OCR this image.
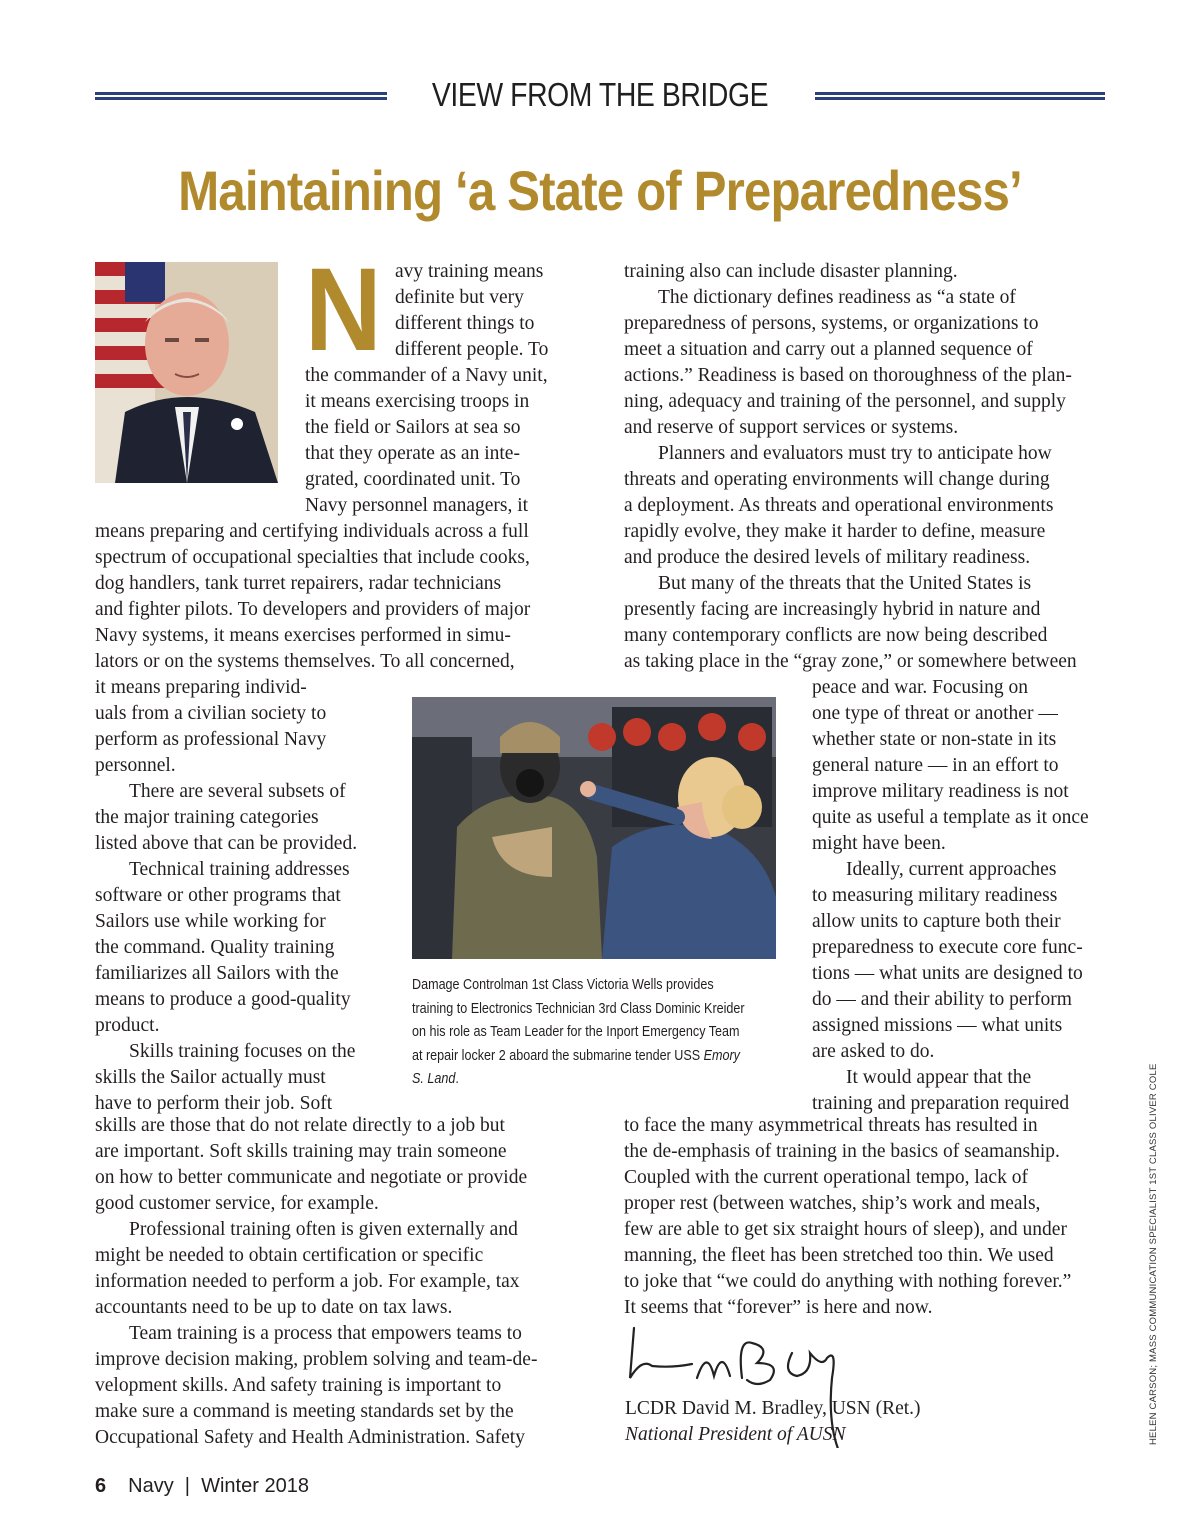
VIEW FROM THE BRIDGE
Maintaining ‘a State of Preparedness’
N avy training means

definite but very

different things to

different people. To

the commander of a Navy unit,

it means exercising troops in

the field or Sailors at sea so

that they operate as an inte-

grated, coordinated unit. To

Navy personnel managers, it

means preparing and certifying individuals across a full

spectrum of occupational specialties that include cooks,

dog handlers, tank turret repairers, radar technicians

and fighter pilots. To developers and providers of major

Navy systems, it means exercises performed in simu-

lators or on the systems themselves. To all concerned,

it means preparing individ-

uals from a civilian society to

perform as professional Navy

personnel.

There are several subsets of

the major training categories

listed above that can be provided.

Technical training addresses

software or other programs that

Sailors use while working for

the command. Quality training

familiarizes all Sailors with the

means to produce a good-quality

product.

Skills training focuses on the

skills the Sailor actually must

have to perform their job. Soft

skills are those that do not relate directly to a job but

are important. Soft skills training may train someone

on how to better communicate and negotiate or provide

good customer service, for example.

Professional training often is given externally and

might be needed to obtain certification or specific

information needed to perform a job. For example, tax

accountants need to be up to date on tax laws.

Team training is a process that empowers teams to

improve decision making, problem solving and team-de-

velopment skills. And safety training is important to

make sure a command is meeting standards set by the

Occupational Safety and Health Administration. Safety

training also can include disaster planning.

The dictionary defines readiness as “a state of

preparedness of persons, systems, or organizations to

meet a situation and carry out a planned sequence of

actions.” Readiness is based on thoroughness of the plan-

ning, adequacy and training of the personnel, and supply

and reserve of support services or systems.

Planners and evaluators must try to anticipate how

threats and operating environments will change during

a deployment. As threats and operational environments

rapidly evolve, they make it harder to define, measure

and produce the desired levels of military readiness.

But many of the threats that the United States is

presently facing are increasingly hybrid in nature and

many contemporary conflicts are now being described

as taking place in the “gray zone,” or somewhere between

peace and war. Focusing on

one type of threat or another —

whether state or non-state in its

general nature — in an effort to

improve military readiness is not

quite as useful a template as it once

might have been.

Ideally, current approaches

to measuring military readiness

allow units to capture both their

preparedness to execute core func-

tions — what units are designed to

do — and their ability to perform

assigned missions — what units

are asked to do.

It would appear that the

training and preparation required

to face the many asymmetrical threats has resulted in

the de-emphasis of training in the basics of seamanship.

Coupled with the current operational tempo, lack of

proper rest (between watches, ship’s work and meals,

few are able to get six straight hours of sleep), and under

manning, the fleet has been stretched too thin. We used

to joke that “we could do anything with nothing forever.”

It seems that “forever” is here and now.

Damage Controlman 1st Class Victoria Wells provides
training to Electronics Technician 3rd Class Dominic Kreider
on his role as Team Leader for the Inport Emergency Team
at repair locker 2 aboard the submarine tender USS Emory
S. Land.
LCDR David M. Bradley, USN (Ret.)
National President of AUSN	HELEN CARSON; MASS COMMUNICATION SPECIALIST 1ST CLASS OLIVER COLE
6 Navy  |  Winter 2018
